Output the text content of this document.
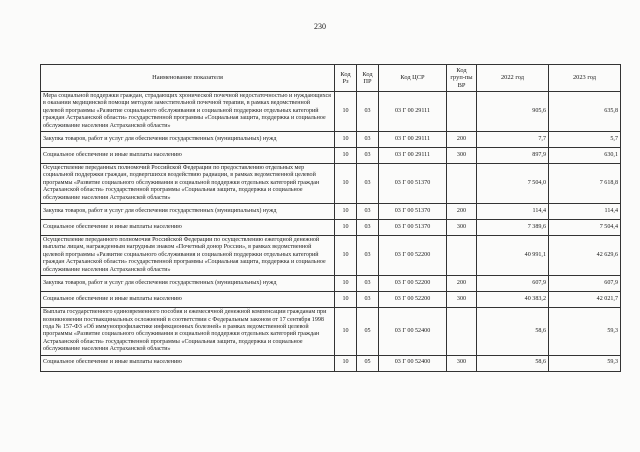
230
Наименование показателя	Код Рз	Код ПР	Код ЦСР	Код груп-пы ВР	2022 год	2023 год
Мера социальной поддержки граждан, страдающих хронической почечной недостаточностью и нуждающихся в оказании медицинской помощи методом заместительной почечной терапии, в рамках ведомственной целевой программы «Развитие социального обслуживания и социальной поддержки отдельных категорий граждан Астраханской области» государственной программы «Социальная защита, поддержка и социальное обслуживание населения Астраханской области»	10	03	03 Г 00 29111		905,6	635,8
Закупка товаров, работ и услуг для обеспечения государственных (муниципальных) нужд	10	03	03 Г 00 29111	200	7,7	5,7
Социальное обеспечение и иные выплаты населению	10	03	03 Г 00 29111	300	897,9	630,1
Осуществление переданных полномочий Российской Федерации по предоставлению отдельных мер социальной поддержки граждан, подвергшихся воздействию радиации, в рамках ведомственной целевой программы «Развитие социального обслуживания и социальной поддержки отдельных категорий граждан Астраханской области» государственной программы «Социальная защита, поддержка и социальное обслуживание населения Астраханской области»	10	03	03 Г 00 51370		7 504,0	7 618,8
Закупка товаров, работ и услуг для обеспечения государственных (муниципальных) нужд	10	03	03 Г 00 51370	200	114,4	114,4
Социальное обеспечение и иные выплаты населению	10	03	03 Г 00 51370	300	7 389,6	7 504,4
Осуществление переданного полномочия Российской Федерации по осуществлению ежегодной денежной выплаты лицам, награжденным нагрудным знаком «Почетный донор России», в рамках ведомственной целевой программы «Развитие социального обслуживания и социальной поддержки отдельных категорий граждан Астраханской области» государственной программы «Социальная защита, поддержка и социальное обслуживание населения Астраханской области»	10	03	03 Г 00 52200		40 991,1	42 629,6
Закупка товаров, работ и услуг для обеспечения государственных (муниципальных) нужд	10	03	03 Г 00 52200	200	607,9	607,9
Социальное обеспечение и иные выплаты населению	10	03	03 Г 00 52200	300	40 383,2	42 021,7
Выплата государственного единовременного пособия и ежемесячной денежной компенсации гражданам при возникновении поствакцинальных осложнений в соответствии с Федеральным законом от 17 сентября 1998 года № 157-ФЗ «Об иммунопрофилактике инфекционных болезней» в рамках ведомственной целевой программы «Развитие социального обслуживания и социальной поддержки отдельных категорий граждан Астраханской области» государственной программы «Социальная защита, поддержка и социальное обслуживание населения Астраханской области»	10	05	03 Г 00 52400		58,6	59,3
Социальное обеспечение и иные выплаты населению	10	05	03 Г 00 52400	300	58,6	59,3
